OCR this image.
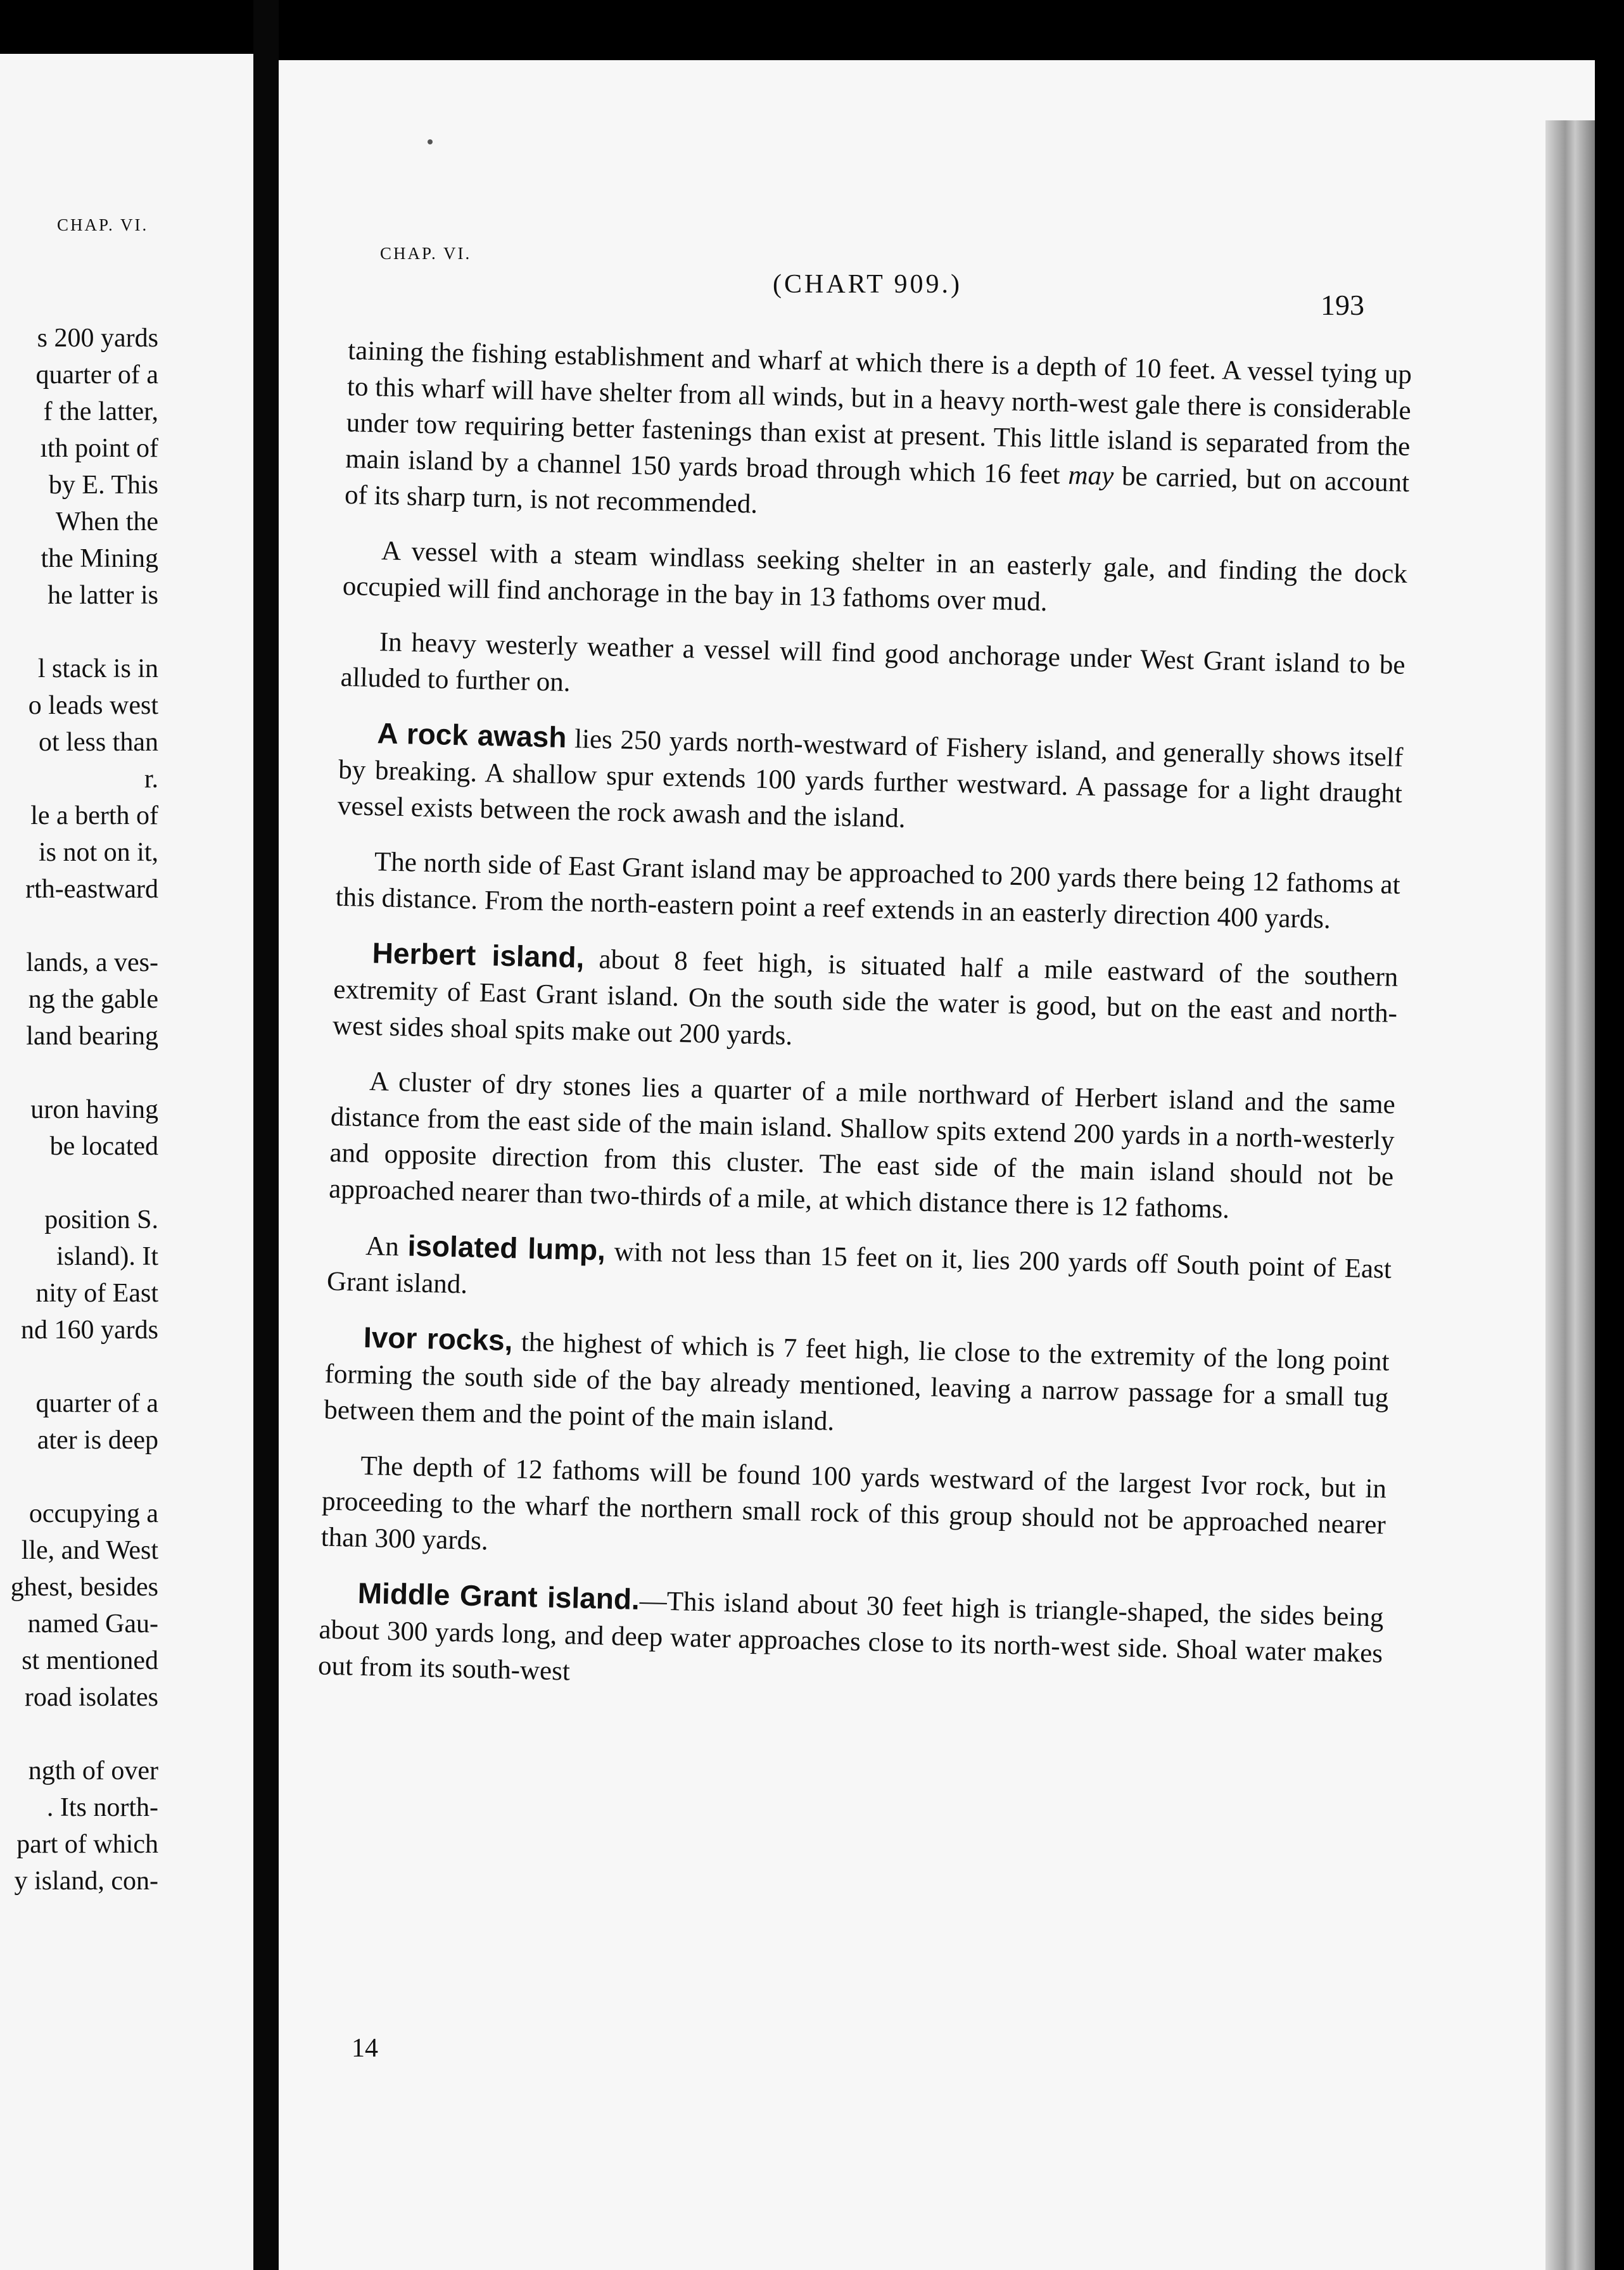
CHAP. VI.
s 200 yards
quarter of a
f the latter,
ıth point of
by E. This
When the
the Mining
he latter is
l stack is in
o leads west
ot less than
r.
le a berth of
is not on it,
rth-eastward
lands, a ves-
ng the gable
land bearing
uron having
be located
position S.
island). It
nity of East
nd 160 yards
quarter of a
ater is deep
occupying a
lle, and West
ghest, besides
named Gau-
st mentioned
road isolates
ngth of over
. Its north-
part of which
y island, con-
CHAP. VI.
(CHART 909.)
193

taining the fishing establishment and wharf at which there is a depth of 10 feet. A vessel tying up to this wharf will have shelter from all winds, but in a heavy north-west gale there is considerable under tow requiring better fastenings than exist at present. This little island is separated from the main island by a channel 150 yards broad through which 16 feet may be carried, but on account of its sharp turn, is not recommended.

A vessel with a steam windlass seeking shelter in an easterly gale, and finding the dock occupied will find anchorage in the bay in 13 fathoms over mud.

In heavy westerly weather a vessel will find good anchorage under West Grant island to be alluded to further on.

A rock awash lies 250 yards north-westward of Fishery island, and generally shows itself by breaking. A shallow spur extends 100 yards further westward. A passage for a light draught vessel exists between the rock awash and the island.

The north side of East Grant island may be approached to 200 yards there being 12 fathoms at this distance. From the north-eastern point a reef extends in an easterly direction 400 yards.

Herbert island, about 8 feet high, is situated half a mile eastward of the southern extremity of East Grant island. On the south side the water is good, but on the east and north-west sides shoal spits make out 200 yards.

A cluster of dry stones lies a quarter of a mile northward of Herbert island and the same distance from the east side of the main island. Shallow spits extend 200 yards in a north-westerly and opposite direction from this cluster. The east side of the main island should not be approached nearer than two-thirds of a mile, at which distance there is 12 fathoms.

An isolated lump, with not less than 15 feet on it, lies 200 yards off South point of East Grant island.

Ivor rocks, the highest of which is 7 feet high, lie close to the extremity of the long point forming the south side of the bay already mentioned, leaving a narrow passage for a small tug between them and the point of the main island.

The depth of 12 fathoms will be found 100 yards westward of the largest Ivor rock, but in proceeding to the wharf the northern small rock of this group should not be approached nearer than 300 yards.

Middle Grant island.—This island about 30 feet high is triangle-shaped, the sides being about 300 yards long, and deep water approaches close to its north-west side. Shoal water makes out from its south-west

14
